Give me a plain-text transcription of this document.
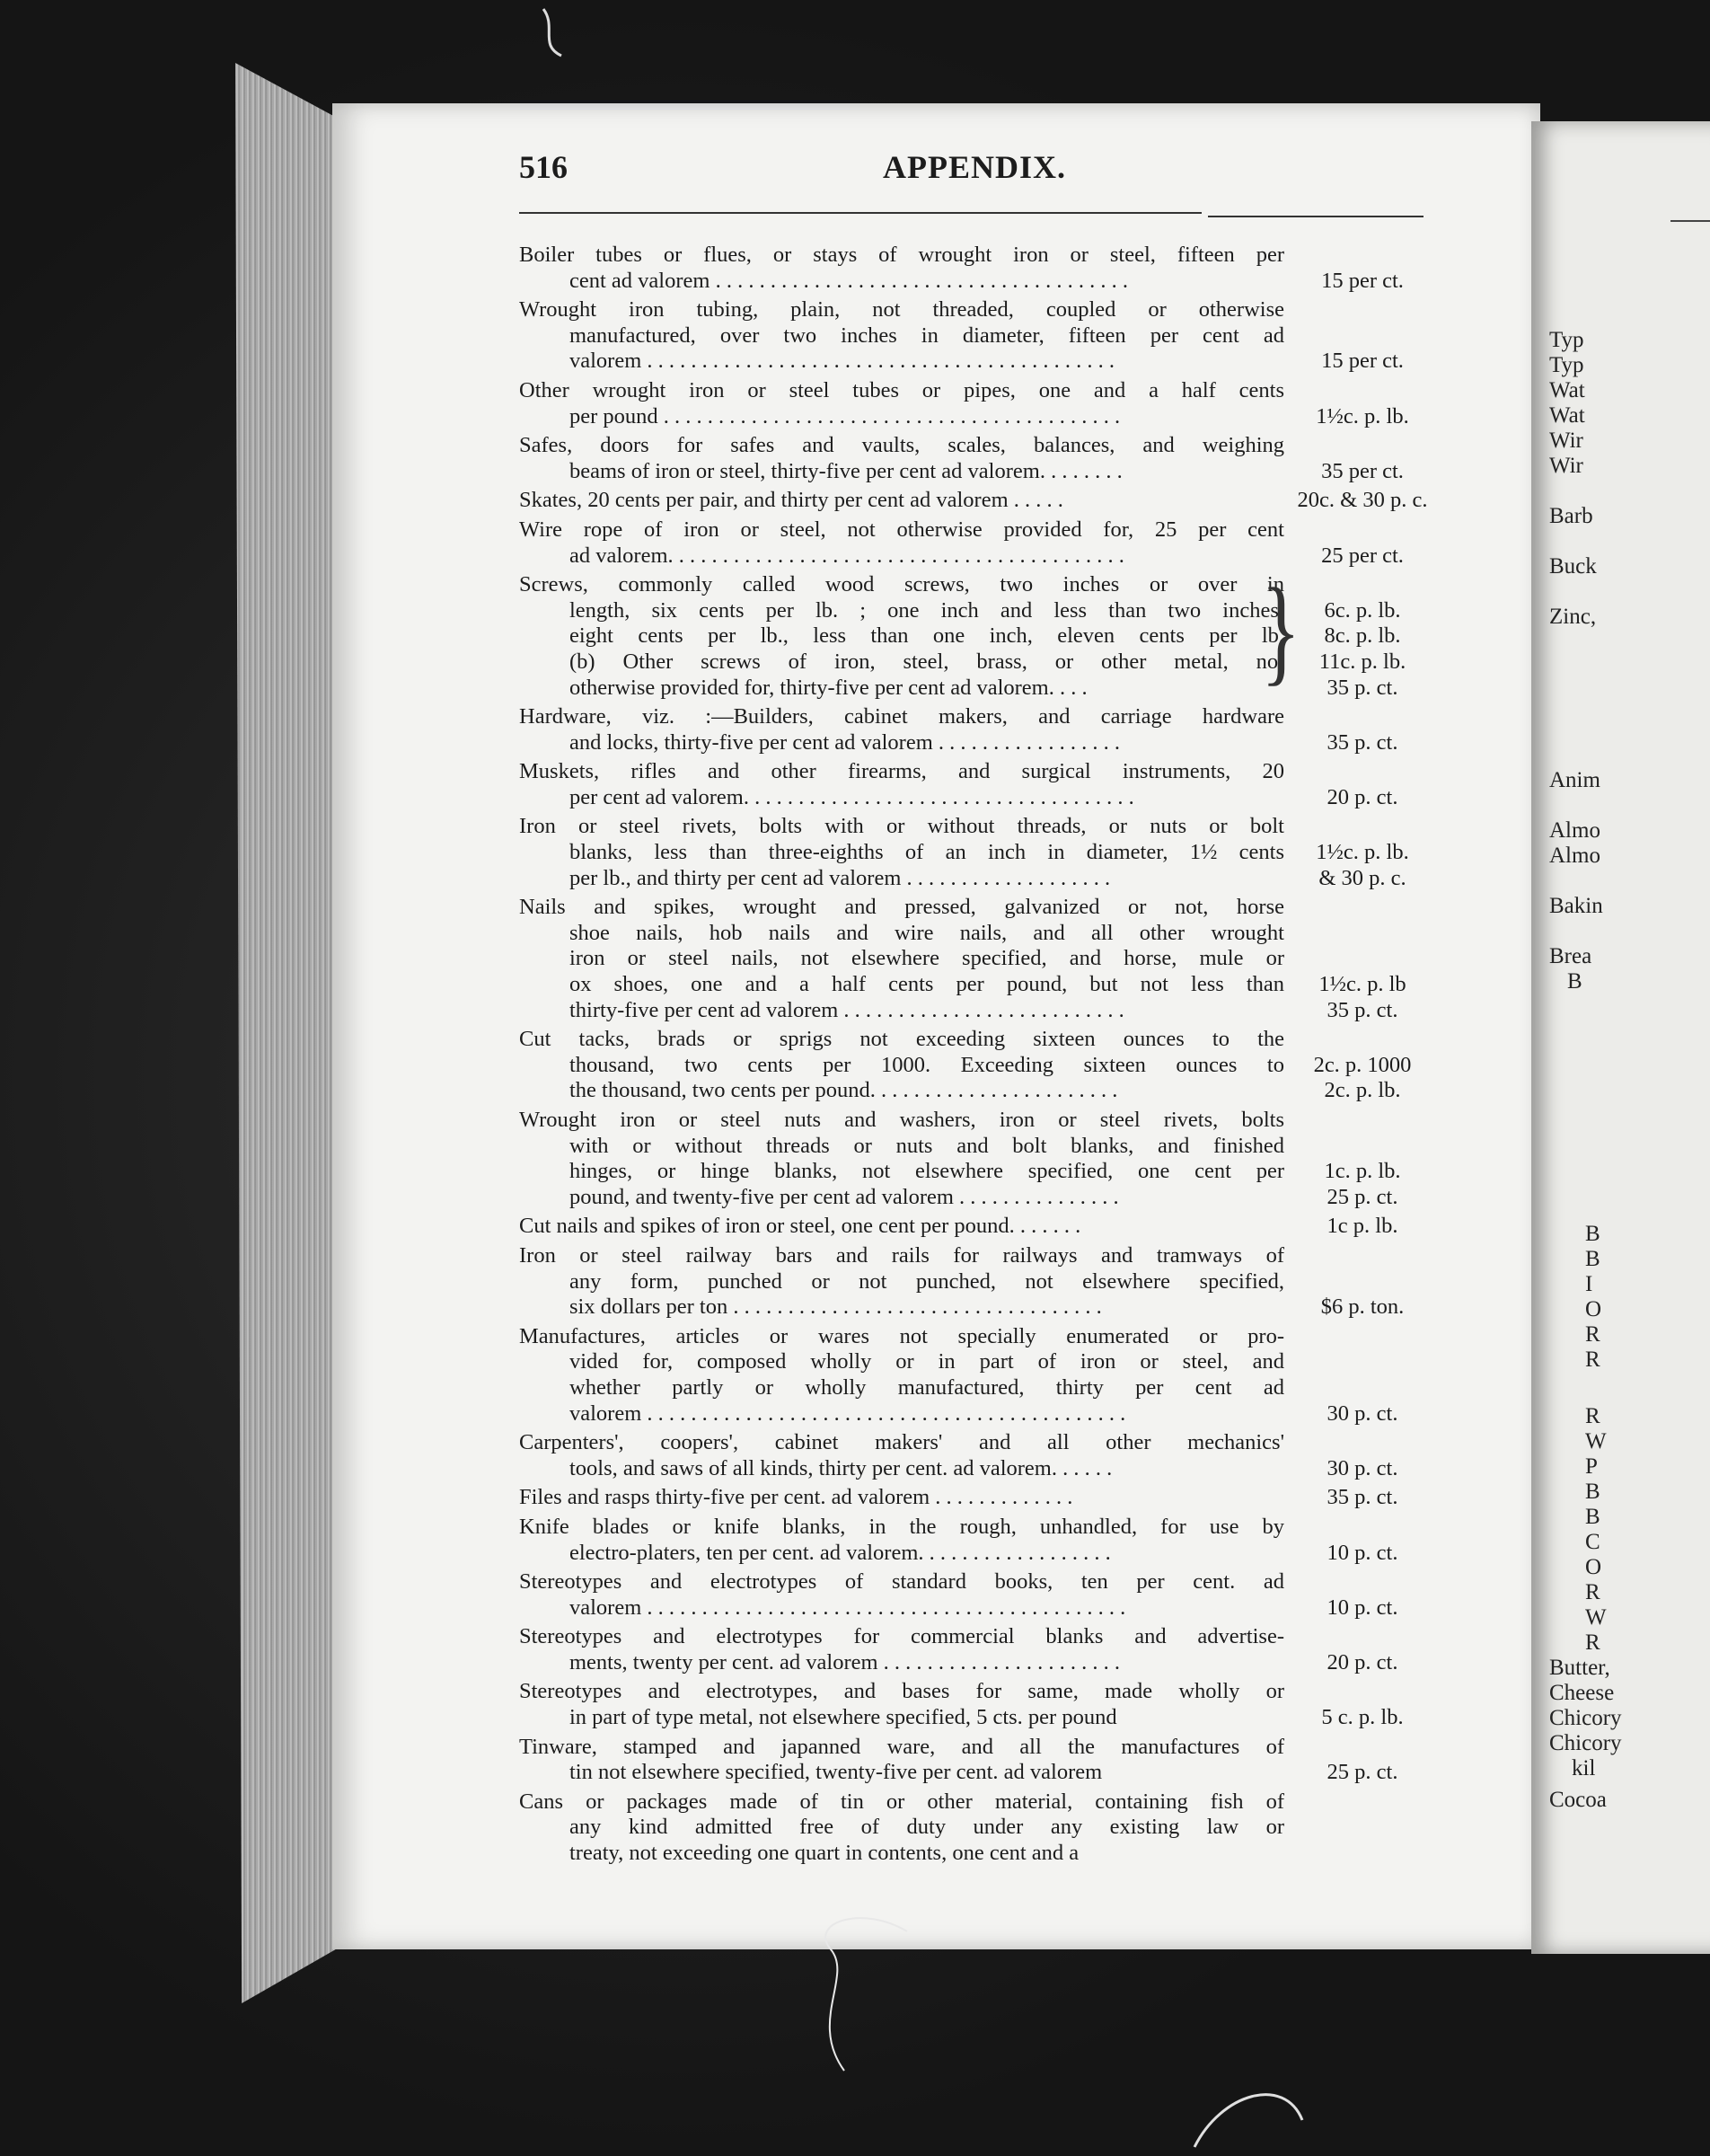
Typ
Typ
Wat
Wat
Wir
Wir
Barb
Buck
Zinc,
Anim
Almo
Almo
Bakin
Brea
B
B
B
I
O
R
R
R
W
P
B
B
C
O
R
W
R
Butter,
Cheese
Chicory
Chicory
kil
Cocoa
516	APPENDIX.
Boiler tubes or flues, or stays of wrought iron or steel, fifteen per
cent ad valorem . . . . . . . . . . . . . . . . . . . . . . . . . . . . . . . . . . . . . .	15 per ct.
Wrought iron tubing, plain, not threaded, coupled or otherwise
manufactured, over two inches in diameter, fifteen per cent ad
valorem . . . . . . . . . . . . . . . . . . . . . . . . . . . . . . . . . . . . . . . . . . .	15 per ct.
Other wrought iron or steel tubes or pipes, one and a half cents
per pound . . . . . . . . . . . . . . . . . . . . . . . . . . . . . . . . . . . . . . . . . .	1½c. p. lb.
Safes, doors for safes and vaults, scales, balances, and weighing
beams of iron or steel, thirty-five per cent ad valorem. . . . . . . .	35 per ct.
Skates, 20 cents per pair, and thirty per cent ad valorem . . . . .	20c. & 30 p. c.
Wire rope of iron or steel, not otherwise provided for, 25 per cent
ad valorem. . . . . . . . . . . . . . . . . . . . . . . . . . . . . . . . . . . . . . . . . .	25 per ct.
Screws, commonly called wood screws, two inches or over in
length, six cents per lb. ; one inch and less than two inches,	6c. p. lb.
eight cents per lb., less than one inch, eleven cents per lb.	8c. p. lb.
(b) Other screws of iron, steel, brass, or other metal, not	11c. p. lb.
otherwise provided for, thirty-five per cent ad valorem. . . .	35 p. ct.
}
Hardware, viz. :—Builders, cabinet makers, and carriage hardware
and locks, thirty-five per cent ad valorem . . . . . . . . . . . . . . . . .	35 p. ct.
Muskets, rifles and other firearms, and surgical instruments, 20
per cent ad valorem. . . . . . . . . . . . . . . . . . . . . . . . . . . . . . . . . . . .	20 p. ct.
Iron or steel rivets, bolts with or without threads, or nuts or bolt
blanks, less than three-eighths of an inch in diameter, 1½ cents	1½c. p. lb.
per lb., and thirty per cent ad valorem . . . . . . . . . . . . . . . . . . .	& 30 p. c.
Nails and spikes, wrought and pressed, galvanized or not, horse
shoe nails, hob nails and wire nails, and all other wrought
iron or steel nails, not elsewhere specified, and horse, mule or
ox shoes, one and a half cents per pound, but not less than	1½c. p. lb
thirty-five per cent ad valorem . . . . . . . . . . . . . . . . . . . . . . . . . .	35 p. ct.
Cut tacks, brads or sprigs not exceeding sixteen ounces to the
thousand, two cents per 1000. Exceeding sixteen ounces to	2c. p. 1000
the thousand, two cents per pound. . . . . . . . . . . . . . . . . . . . . . .	2c. p. lb.
Wrought iron or steel nuts and washers, iron or steel rivets, bolts
with or without threads or nuts and bolt blanks, and finished
hinges, or hinge blanks, not elsewhere specified, one cent per	1c. p. lb.
pound, and twenty-five per cent ad valorem . . . . . . . . . . . . . . .	25 p. ct.
Cut nails and spikes of iron or steel, one cent per pound. . . . . . .	1c p. lb.
Iron or steel railway bars and rails for railways and tramways of
any form, punched or not punched, not elsewhere specified,
six dollars per ton . . . . . . . . . . . . . . . . . . . . . . . . . . . . . . . . . .	$6 p. ton.
Manufactures, articles or wares not specially enumerated or pro-
vided for, composed wholly or in part of iron or steel, and
whether partly or wholly manufactured, thirty per cent ad
valorem . . . . . . . . . . . . . . . . . . . . . . . . . . . . . . . . . . . . . . . . . . . .	30 p. ct.
Carpenters', coopers', cabinet makers' and all other mechanics'
tools, and saws of all kinds, thirty per cent. ad valorem. . . . . .	30 p. ct.
Files and rasps thirty-five per cent. ad valorem . . . . . . . . . . . . .	35 p. ct.
Knife blades or knife blanks, in the rough, unhandled, for use by
electro-platers, ten per cent. ad valorem. . . . . . . . . . . . . . . . . .	10 p. ct.
Stereotypes and electrotypes of standard books, ten per cent. ad
valorem . . . . . . . . . . . . . . . . . . . . . . . . . . . . . . . . . . . . . . . . . . . .	10 p. ct.
Stereotypes and electrotypes for commercial blanks and advertise-
ments, twenty per cent. ad valorem . . . . . . . . . . . . . . . . . . . . . .	20 p. ct.
Stereotypes and electrotypes, and bases for same, made wholly or
in part of type metal, not elsewhere specified, 5 cts. per pound	5 c. p. lb.
Tinware, stamped and japanned ware, and all the manufactures of
tin not elsewhere specified, twenty-five per cent. ad valorem	25 p. ct.
Cans or packages made of tin or other material, containing fish of
any kind admitted free of duty under any existing law or
treaty, not exceeding one quart in contents, one cent and a
